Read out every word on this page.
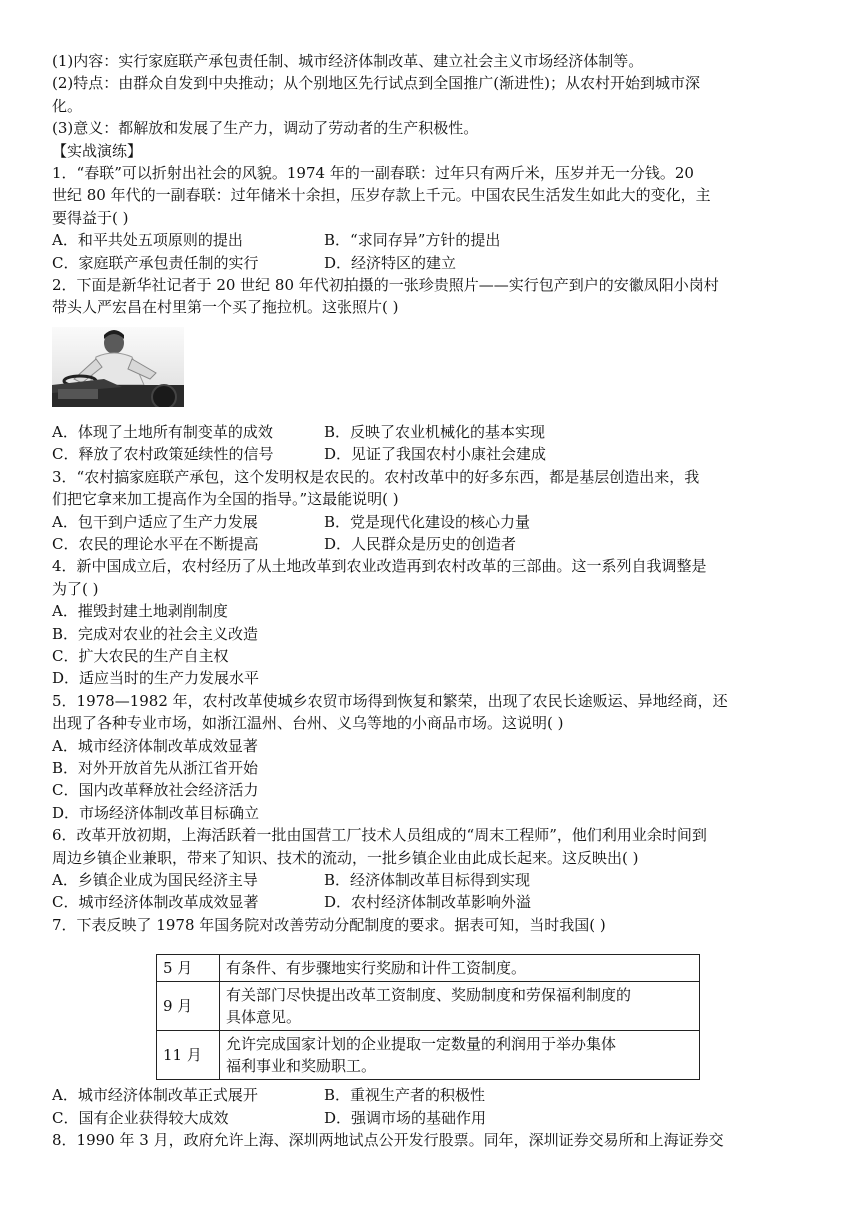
(1)内容：实行家庭联产承包责任制、城市经济体制改革、建立社会主义市场经济体制等。
(2)特点：由群众自发到中央推动；从个别地区先行试点到全国推广(渐进性)；从农村开始到城市深
化。
(3)意义：都解放和发展了生产力，调动了劳动者的生产积极性。
【实战演练】
1．“春联”可以折射出社会的风貌。1974 年的一副春联：过年只有两斤米，压岁并无一分钱。20
世纪 80 年代的一副春联：过年储米十余担，压岁存款上千元。中国农民生活发生如此大的变化，主
要得益于( )
A．和平共处五项原则的提出	B．“求同存异”方针的提出
C．家庭联产承包责任制的实行	D．经济特区的建立
2．下面是新华社记者于 20 世纪 80 年代初拍摄的一张珍贵照片——实行包产到户的安徽凤阳小岗村
带头人严宏昌在村里第一个买了拖拉机。这张照片( )
A．体现了土地所有制变革的成效	B．反映了农业机械化的基本实现
C．释放了农村政策延续性的信号	D．见证了我国农村小康社会建成
3．“农村搞家庭联产承包，这个发明权是农民的。农村改革中的好多东西，都是基层创造出来，我
们把它拿来加工提高作为全国的指导。”这最能说明( )
A．包干到户适应了生产力发展	B．党是现代化建设的核心力量
C．农民的理论水平在不断提高	D．人民群众是历史的创造者
4．新中国成立后，农村经历了从土地改革到农业改造再到农村改革的三部曲。这一系列自我调整是
为了( )
A．摧毁封建土地剥削制度
B．完成对农业的社会主义改造
C．扩大农民的生产自主权
D．适应当时的生产力发展水平
5．1978—1982 年，农村改革使城乡农贸市场得到恢复和繁荣，出现了农民长途贩运、异地经商，还
出现了各种专业市场，如浙江温州、台州、义乌等地的小商品市场。这说明( )
A．城市经济体制改革成效显著
B．对外开放首先从浙江省开始
C．国内改革释放社会经济活力
D．市场经济体制改革目标确立
6．改革开放初期，上海活跃着一批由国营工厂技术人员组成的“周末工程师”，他们利用业余时间到
周边乡镇企业兼职，带来了知识、技术的流动，一批乡镇企业由此成长起来。这反映出( )
A．乡镇企业成为国民经济主导	B．经济体制改革目标得到实现
C．城市经济体制改革成效显著	D．农村经济体制改革影响外溢
7．下表反映了 1978 年国务院对改善劳动分配制度的要求。据表可知，当时我国( )
5 月	有条件、有步骤地实行奖励和计件工资制度。
9 月	有关部门尽快提出改革工资制度、奖励制度和劳保福利制度的
具体意见。

11 月	允许完成国家计划的企业提取一定数量的利润用于举办集体
福利事业和奖励职工。
A．城市经济体制改革正式展开	B．重视生产者的积极性
C．国有企业获得较大成效	D．强调市场的基础作用
8．1990 年 3 月，政府允许上海、深圳两地试点公开发行股票。同年，深圳证券交易所和上海证券交
